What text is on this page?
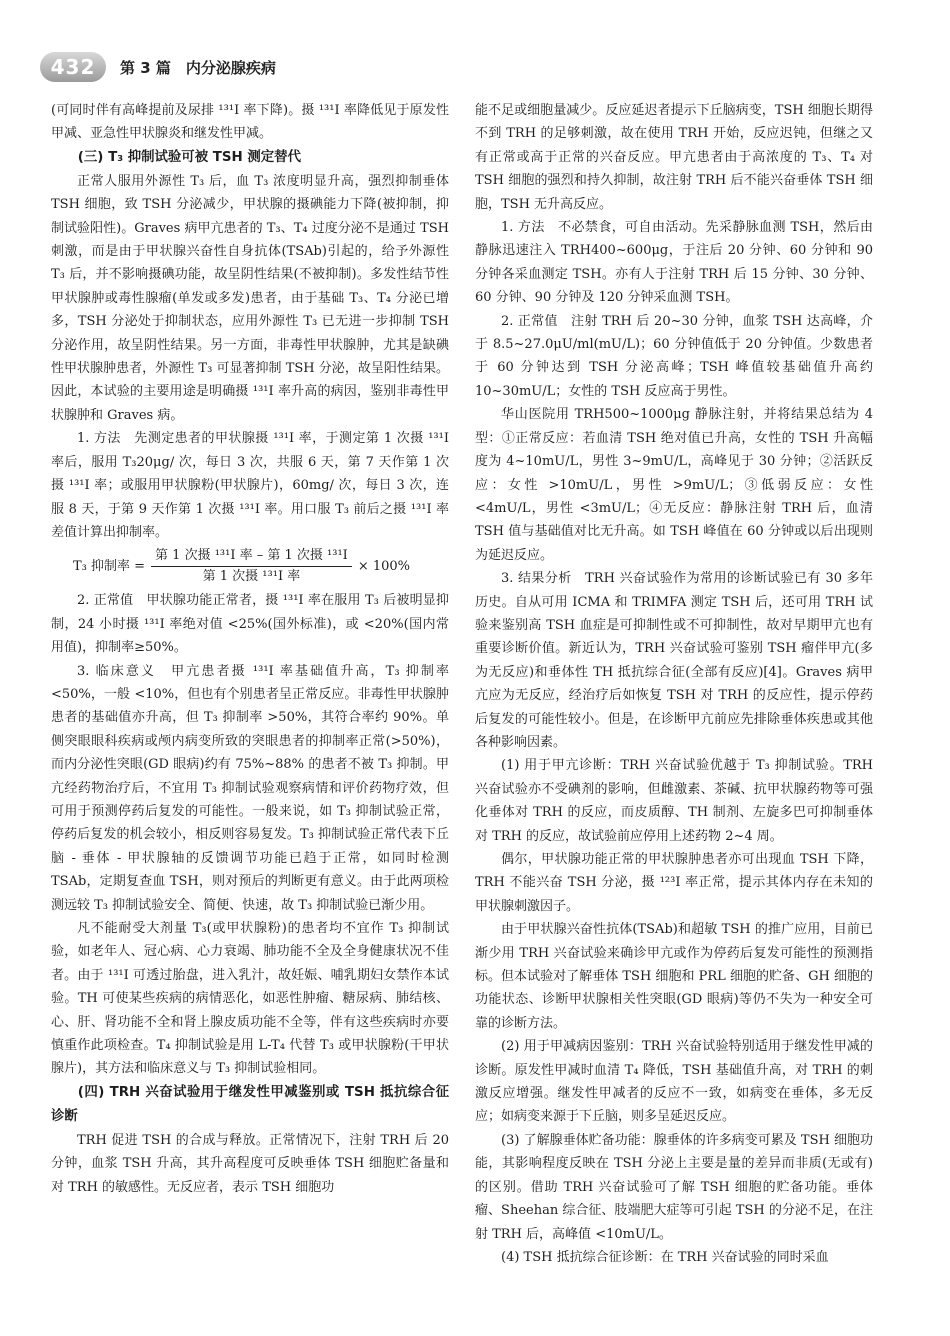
432	第 3 篇　内分泌腺疾病

(可同时伴有高峰提前及尿排 ¹³¹I 率下降)。摄 ¹³¹I 率降低见于原发性甲减、亚急性甲状腺炎和继发性甲减。

(三) T₃ 抑制试验可被 TSH 测定替代

正常人服用外源性 T₃ 后，血 T₃ 浓度明显升高，强烈抑制垂体 TSH 细胞，致 TSH 分泌减少，甲状腺的摄碘能力下降(被抑制，抑制试验阳性)。Graves 病甲亢患者的 T₃、T₄ 过度分泌不是通过 TSH 刺激，而是由于甲状腺兴奋性自身抗体(TSAb)引起的，给予外源性 T₃ 后，并不影响摄碘功能，故呈阴性结果(不被抑制)。多发性结节性甲状腺肿或毒性腺瘤(单发或多发)患者，由于基础 T₃、T₄ 分泌已增多，TSH 分泌处于抑制状态，应用外源性 T₃ 已无进一步抑制 TSH 分泌作用，故呈阴性结果。另一方面，非毒性甲状腺肿，尤其是缺碘性甲状腺肿患者，外源性 T₃ 可显著抑制 TSH 分泌，故呈阳性结果。因此，本试验的主要用途是明确摄 ¹³¹I 率升高的病因，鉴别非毒性甲状腺肿和 Graves 病。

1. 方法　先测定患者的甲状腺摄 ¹³¹I 率，于测定第 1 次摄 ¹³¹I 率后，服用 T₃20μg/ 次，每日 3 次，共服 6 天，第 7 天作第 1 次摄 ¹³¹I 率；或服用甲状腺粉(甲状腺片)，60mg/ 次，每日 3 次，连服 8 天，于第 9 天作第 1 次摄 ¹³¹I 率。用口服 T₃ 前后之摄 ¹³¹I 率差值计算出抑制率。

T₃ 抑制率 = $\frac{\text{第 1 次摄 ¹³¹I 率 – 第 1 次摄 ¹³¹I}}{\text{第 1 次摄 ¹³¹I 率}} \times 100\%$

2. 正常值　甲状腺功能正常者，摄 ¹³¹I 率在服用 T₃ 后被明显抑制，24 小时摄 ¹³¹I 率绝对值 <25%(国外标准)，或 <20%(国内常用值)，抑制率≥50%。

3. 临床意义　甲亢患者摄 ¹³¹I 率基础值升高，T₃ 抑制率 <50%，一般 <10%，但也有个别患者呈正常反应。非毒性甲状腺肿患者的基础值亦升高，但 T₃ 抑制率 >50%，其符合率约 90%。单侧突眼眼科疾病或颅内病变所致的突眼患者的抑制率正常(>50%)，而内分泌性突眼(GD 眼病)约有 75%~88% 的患者不被 T₃ 抑制。甲亢经药物治疗后，不宜用 T₃ 抑制试验观察病情和评价药物疗效，但可用于预测停药后复发的可能性。一般来说，如 T₃ 抑制试验正常，停药后复发的机会较小，相反则容易复发。T₃ 抑制试验正常代表下丘脑 - 垂体 - 甲状腺轴的反馈调节功能已趋于正常，如同时检测 TSAb，定期复查血 TSH，则对预后的判断更有意义。由于此两项检测远较 T₃ 抑制试验安全、简便、快速，故 T₃ 抑制试验已渐少用。

凡不能耐受大剂量 T₃(或甲状腺粉)的患者均不宜作 T₃ 抑制试验，如老年人、冠心病、心力衰竭、肺功能不全及全身健康状况不佳者。由于 ¹³¹I 可透过胎盘，进入乳汁，故妊娠、哺乳期妇女禁作本试验。TH 可使某些疾病的病情恶化，如恶性肿瘤、糖尿病、肺结核、心、肝、肾功能不全和肾上腺皮质功能不全等，伴有这些疾病时亦要慎重作此项检查。T₄ 抑制试验是用 L-T₄ 代替 T₃ 或甲状腺粉(干甲状腺片)，其方法和临床意义与 T₃ 抑制试验相同。

(四) TRH 兴奋试验用于继发性甲减鉴别或 TSH 抵抗综合征诊断

TRH 促进 TSH 的合成与释放。正常情况下，注射 TRH 后 20 分钟，血浆 TSH 升高，其升高程度可反映垂体 TSH 细胞贮备量和对 TRH 的敏感性。无反应者，表示 TSH 细胞功

能不足或细胞量减少。反应延迟者提示下丘脑病变，TSH 细胞长期得不到 TRH 的足够刺激，故在使用 TRH 开始，反应迟钝，但继之又有正常或高于正常的兴奋反应。甲亢患者由于高浓度的 T₃、T₄ 对 TSH 细胞的强烈和持久抑制，故注射 TRH 后不能兴奋垂体 TSH 细胞，TSH 无升高反应。

1. 方法　不必禁食，可自由活动。先采静脉血测 TSH，然后由静脉迅速注入 TRH400~600μg，于注后 20 分钟、60 分钟和 90 分钟各采血测定 TSH。亦有人于注射 TRH 后 15 分钟、30 分钟、60 分钟、90 分钟及 120 分钟采血测 TSH。

2. 正常值　注射 TRH 后 20~30 分钟，血浆 TSH 达高峰，介于 8.5~27.0μU/ml(mU/L)；60 分钟值低于 20 分钟值。少数患者于 60 分钟达到 TSH 分泌高峰；TSH 峰值较基础值升高约 10~30mU/L；女性的 TSH 反应高于男性。

华山医院用 TRH500~1000μg 静脉注射，并将结果总结为 4 型：①正常反应：若血清 TSH 绝对值已升高，女性的 TSH 升高幅度为 4~10mU/L，男性 3~9mU/L，高峰见于 30 分钟；②活跃反应：女性 >10mU/L，男性 >9mU/L；③低弱反应：女性 <4mU/L，男性 <3mU/L；④无反应：静脉注射 TRH 后，血清 TSH 值与基础值对比无升高。如 TSH 峰值在 60 分钟或以后出现则为延迟反应。

3. 结果分析　TRH 兴奋试验作为常用的诊断试验已有 30 多年历史。自从可用 ICMA 和 TRIMFA 测定 TSH 后，还可用 TRH 试验来鉴别高 TSH 血症是可抑制性或不可抑制性，故对早期甲亢也有重要诊断价值。新近认为，TRH 兴奋试验可鉴别 TSH 瘤伴甲亢(多为无反应)和垂体性 TH 抵抗综合征(全部有反应)[4]。Graves 病甲亢应为无反应，经治疗后如恢复 TSH 对 TRH 的反应性，提示停药后复发的可能性较小。但是，在诊断甲亢前应先排除垂体疾患或其他各种影响因素。

(1) 用于甲亢诊断：TRH 兴奋试验优越于 T₃ 抑制试验。TRH 兴奋试验亦不受碘剂的影响，但雌激素、茶碱、抗甲状腺药物等可强化垂体对 TRH 的反应，而皮质醇、TH 制剂、左旋多巴可抑制垂体对 TRH 的反应，故试验前应停用上述药物 2~4 周。

偶尔，甲状腺功能正常的甲状腺肿患者亦可出现血 TSH 下降，TRH 不能兴奋 TSH 分泌，摄 ¹²³I 率正常，提示其体内存在未知的甲状腺刺激因子。

由于甲状腺兴奋性抗体(TSAb)和超敏 TSH 的推广应用，目前已渐少用 TRH 兴奋试验来确诊甲亢或作为停药后复发可能性的预测指标。但本试验对了解垂体 TSH 细胞和 PRL 细胞的贮备、GH 细胞的功能状态、诊断甲状腺相关性突眼(GD 眼病)等仍不失为一种安全可靠的诊断方法。

(2) 用于甲减病因鉴别：TRH 兴奋试验特别适用于继发性甲减的诊断。原发性甲减时血清 T₄ 降低，TSH 基础值升高，对 TRH 的刺激反应增强。继发性甲减者的反应不一致，如病变在垂体，多无反应；如病变来源于下丘脑，则多呈延迟反应。

(3) 了解腺垂体贮备功能：腺垂体的许多病变可累及 TSH 细胞功能，其影响程度反映在 TSH 分泌上主要是量的差异而非质(无或有)的区别。借助 TRH 兴奋试验可了解 TSH 细胞的贮备功能。垂体瘤、Sheehan 综合征、肢端肥大症等可引起 TSH 的分泌不足，在注射 TRH 后，高峰值 <10mU/L。

(4) TSH 抵抗综合征诊断：在 TRH 兴奋试验的同时采血
